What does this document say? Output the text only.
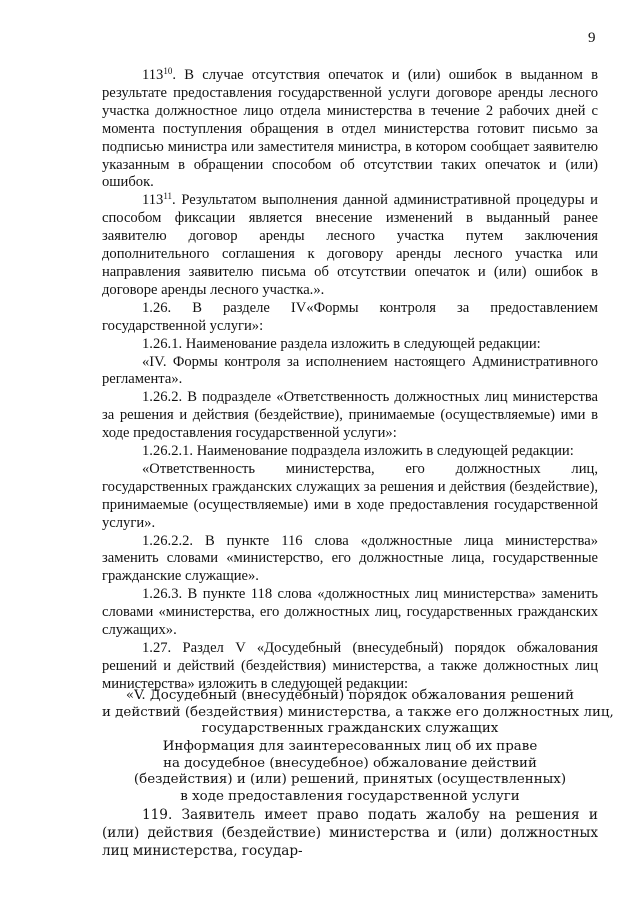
9

$113^{10}$. В случае отсутствия опечаток и (или) ошибок в выданном в результате предоставления государственной услуги договоре аренды лесного участка должностное лицо отдела министерства в течение 2 рабочих дней с момента поступления обращения в отдел министерства готовит письмо за подписью министра или заместителя министра, в котором сообщает заявителю указанным в обращении способом об отсутствии таких опечаток и (или) ошибок.

$113^{11}$. Результатом выполнения данной административной процедуры и способом фиксации является внесение изменений в выданный ранее заявителю договор аренды лесного участка путем заключения дополнительного соглашения к договору аренды лесного участка или направления заявителю письма об отсутствии опечаток и (или) ошибок в договоре аренды лесного участка.».

1.26. В разделе IV«Формы контроля за предоставлением государственной услуги»:

1.26.1. Наименование раздела изложить в следующей редакции:

«IV. Формы контроля за исполнением настоящего Административного регламента».

1.26.2. В подразделе «Ответственность должностных лиц министерства за решения и действия (бездействие), принимаемые (осуществляемые) ими в ходе предоставления государственной услуги»:

1.26.2.1. Наименование подраздела изложить в следующей редакции:

«Ответственность министерства, его должностных лиц, государственных гражданских служащих за решения и действия (бездействие), принимаемые (осуществляемые) ими в ходе предоставления государственной услуги».

1.26.2.2. В пункте 116 слова «должностные лица министерства» заменить словами «министерство, его должностные лица, государственные гражданские служащие».

1.26.3. В пункте 118 слова «должностных лиц министерства» заменить словами «министерства, его должностных лиц, государственных гражданских служащих».

1.27. Раздел V «Досудебный (внесудебный) порядок обжалования решений и действий (бездействия) министерства, а также должностных лиц министерства» изложить в следующей редакции:

«V. Досудебный (внесудебный) порядок обжалования решений
и действий (бездействия) министерства, а также его должностных лиц,
государственных гражданских служащих
Информация для заинтересованных лиц об их праве
на досудебное (внесудебное) обжалование действий
(бездействия) и (или) решений, принятых (осуществленных)
в ходе предоставления государственной услуги

119. Заявитель имеет право подать жалобу на решения и (или) действия (бездействие) министерства и (или) должностных лиц министерства, государ-
